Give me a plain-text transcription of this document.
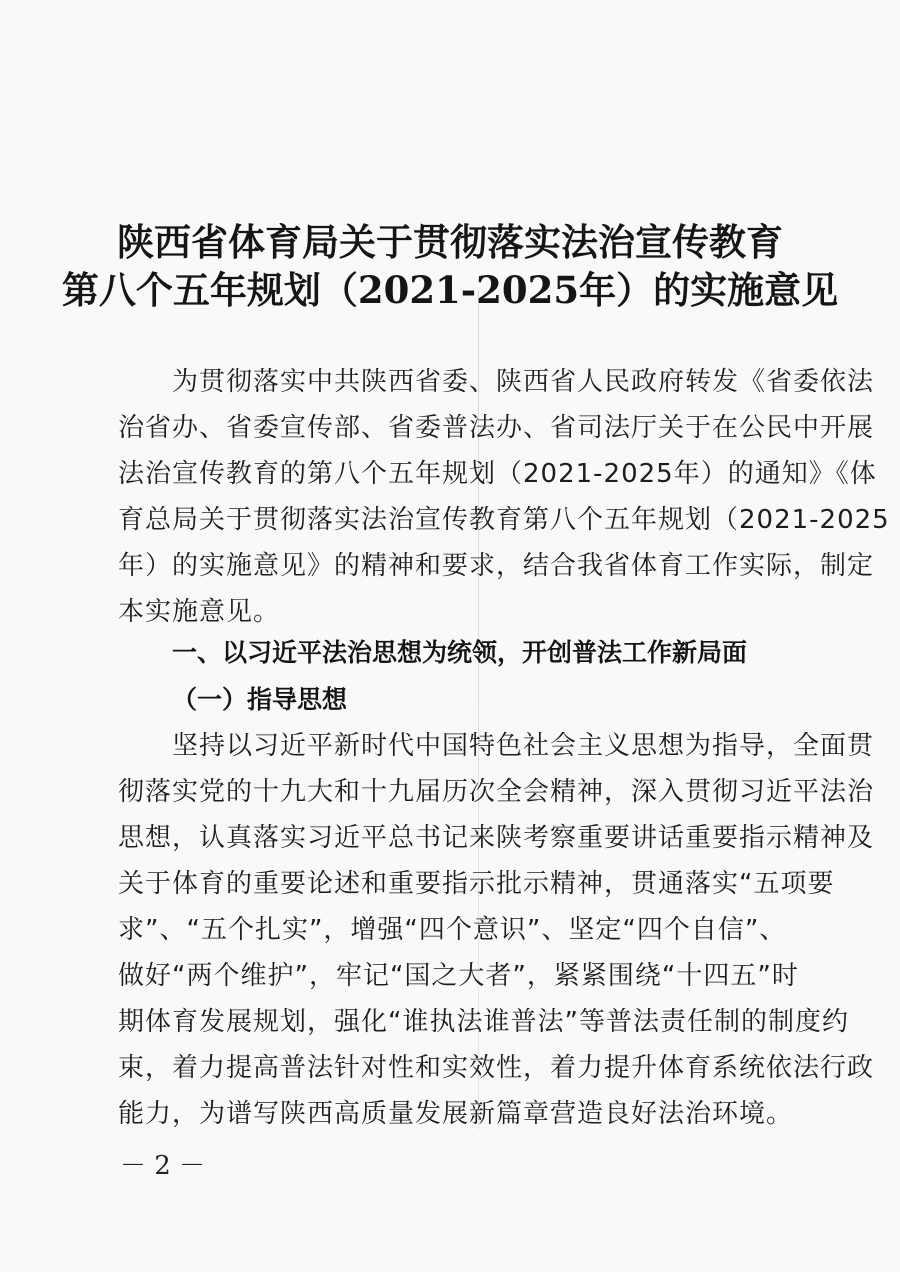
陕西省体育局关于贯彻落实法治宣传教育
第八个五年规划（2021-2025年）的实施意见
　　为贯彻落实中共陕西省委、陕西省人民政府转发《省委依法
治省办、省委宣传部、省委普法办、省司法厅关于在公民中开展
法治宣传教育的第八个五年规划（2021-2025年）的通知》《体
育总局关于贯彻落实法治宣传教育第八个五年规划（2021-2025
年）的实施意见》的精神和要求，结合我省体育工作实际，制定
本实施意见。
一、以习近平法治思想为统领，开创普法工作新局面
（一）指导思想
　　坚持以习近平新时代中国特色社会主义思想为指导，全面贯
彻落实党的十九大和十九届历次全会精神，深入贯彻习近平法治
思想，认真落实习近平总书记来陕考察重要讲话重要指示精神及
关于体育的重要论述和重要指示批示精神，贯通落实“五项要
求”、“五个扎实”，增强“四个意识”、坚定“四个自信”、
做好“两个维护”，牢记“国之大者”，紧紧围绕“十四五”时
期体育发展规划，强化“谁执法谁普法”等普法责任制的制度约
束，着力提高普法针对性和实效性，着力提升体育系统依法行政
能力，为谱写陕西高质量发展新篇章营造良好法治环境。
－ 2 －
